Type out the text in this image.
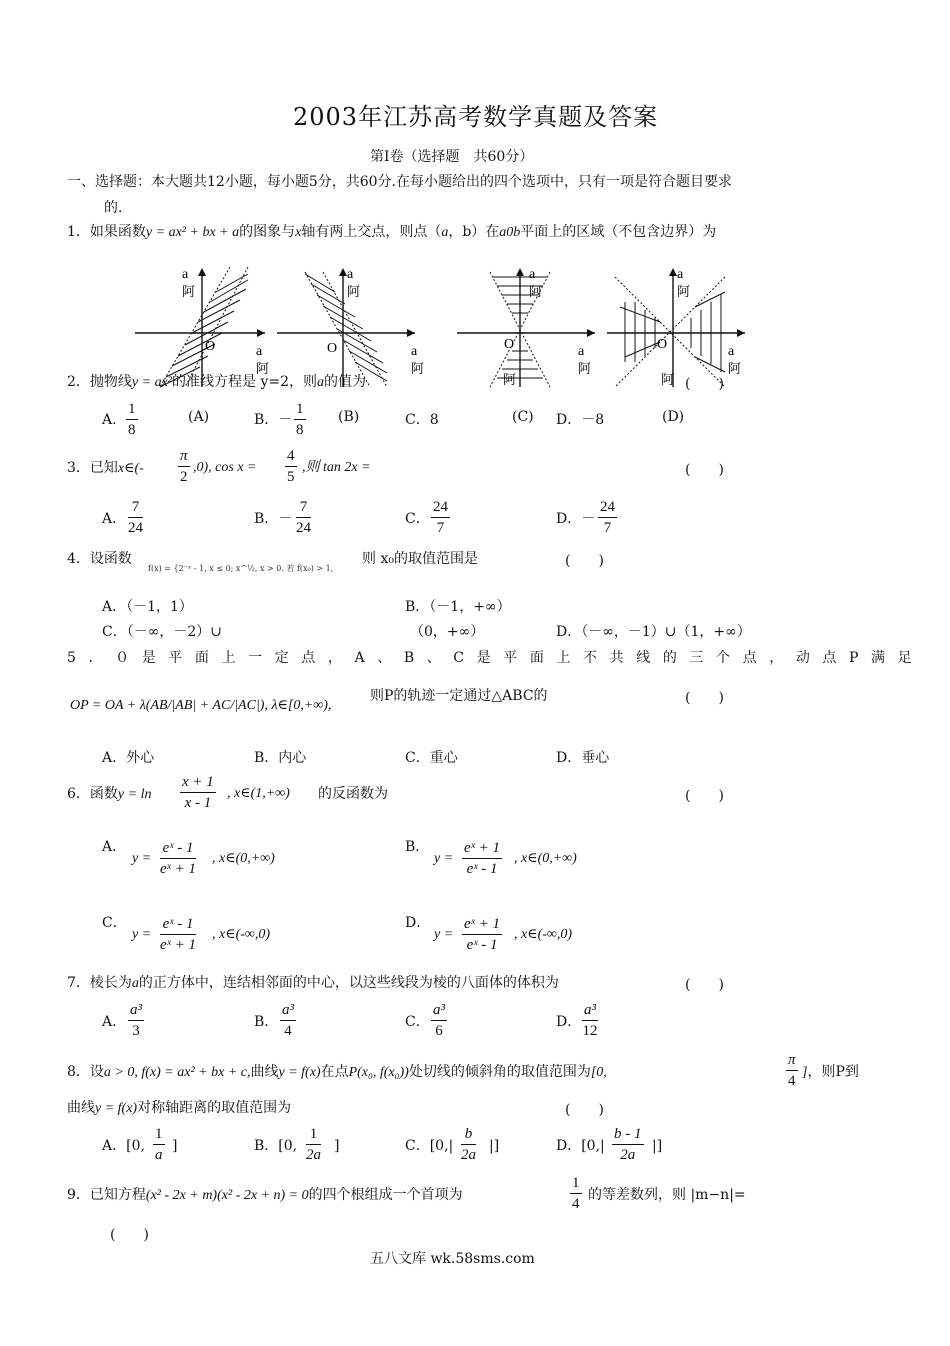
2003年江苏高考数学真题及答案
第Ⅰ卷（选择题　共60分）
一、选择题：本大题共12小题，每小题5分，共60分.在每小题给出的四个选项中，只有一项是符合题目要求
的.
1．如果函数y = ax² + bx + a的图象与x轴有两上交点，则点（a，b）在a0b平面上的区域（不包含边界）为
a
阿
O	a
阿
a
阿
O	a
阿
a
阿
O	a
阿
阿
a
阿
O	a
阿
阿
2．抛物线y = ax²的准线方程是 y=2，则a的值为	(　　)
(A)	(B)	(C)	(D)
A． $\frac{1}{8}$	B．－ $\frac{1}{8}$	C．8	D．－8
3．已知x∈(- $\frac{\pi}{2} ,0$), $\cos x = \frac{4}{5}$ ,则 tan 2x =	(　　)
A． $\frac{7}{24}$	B．－ $\frac{7}{24}$	C． $\frac{24}{7}$	D．－ $\frac{24}{7}$
4．设函数
f(x) = {2⁻ˣ - 1, x ≤ 0; x^½, x > 0. 若 f(x₀) > 1,
则 x₀的取值范围是	(　　)
A．（－1，1）	B．（－1，+∞）
C．（－∞，－2）∪	（0，+∞）	D．（－∞，－1）∪（1，+∞）
5．０是平面上一定点，A、B、C是平面上不共线的三个点，动点P满足
OP = OA + λ(AB/|AB| + AC/|AC|), λ∈[0,+∞),
则P的轨迹一定通过△ABC的	(　　)
A．外心	B．内心	C．重心	D．垂心
6．函数$y = \ln \frac{x + 1}{x - 1}$ , x∈(1,+∞) 的反函数为	(　　)
A．
$y = \frac{\text{eˣ - 1}}{\text{eˣ + 1}}$ , x∈(0,+∞)
B．
$y = \frac{\text{eˣ + 1}}{\text{eˣ - 1}}$ , x∈(0,+∞)
C．
$y = \frac{\text{eˣ - 1}}{\text{eˣ + 1}}$ , x∈(-∞,0)
D．
$y = \frac{\text{eˣ + 1}}{\text{eˣ - 1}}$ , x∈(-∞,0)
7．棱长为a的正方体中，连结相邻面的中心，以这些线段为棱的八面体的体积为	(　　)
A． $\frac{\text{a³}}{3}$	B． $\frac{\text{a³}}{4}$	C． $\frac{\text{a³}}{6}$	D． $\frac{\text{a³}}{12}$
8．设a > 0, f(x) = ax² + bx + c,曲线y = f(x)在点P(x₀, f(x₀))处切线的倾斜角的取值范围为[0,	$\frac{\pi}{4}$ ]，则P到
曲线y = f(x)对称轴距离的取值范围为	(　　)
A．[0, $\frac{1}{a}$ ]	B．[0, $\frac{1}{2a}$ ]	C．[$0,| \frac{b}{2a}$ |]	D．[$0,| \frac{b - 1}{2a}$ |]
9．已知方程(x² - 2x + m)(x² - 2x + n) = 0的四个根组成一个首项为	$\frac{1}{4}$ 的等差数列，则 |m−n|=
(　　)
五八文库 wk.58sms.com
